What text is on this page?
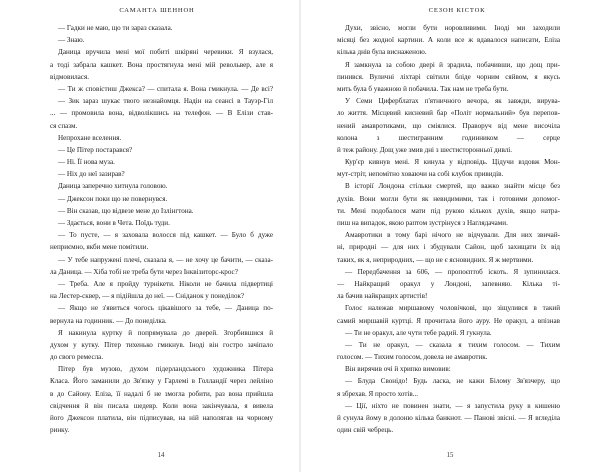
САМАНТА ШЕННОН
— Гадки не маю, що ти зараз сказала.
— Знаю.
Даница вручила мені мої побиті шкіряні черевики. Я взулася,
а тоді забрала кашкет. Вона простягнула мені мій револьвер, але я
відмовилася.
— Ти ж сповістиш Джекса? — спитала я. Вона гмикнула. — Де всі?
— Зик зараз шукає твого незнайомця. Надін на сеансі в Тауэр-Гіл
... — промовила вона, відволікшись на телефон. — В Елізи став-
ся спазм.
Непрохане вселення.
— Це Пітер постарався?
— Ні. Її нова муза.
— Ніх до неї зазирав?
Даница заперечно хитнула головою.
— Джексон поки що не повернувся.
— Він сказав, що відвезе мене до Ізлінгтона.
— Здається, вони в Чета. Поїдь туди.
— То пусте, — я заховала волосся під кашкет. — Було б дуже
неприємно, якби мене помітили.
— У тебе напружені плечі, сказала я, — не хочу це бачити, — сказа-
ла Даница. — Хіба тобі не треба бути через Інквізиторс-крос?
— Треба. Але я пройду турнікети. Ніколи не бачила підвертиці
на Лестер-сквер, — я підійшла до неї. — Сніданок у понеділок?
— Якщо не з'явиться чогось цікавішого за тебе, — Даница по-
вернула на годинник. — До понеділка.
Я накинула куртку й попрямувала до дверей. Згорбившися й
духом у кутку. Пітер тихенько гмикнув. Іноді він гостро зачіпало
до свого ремесла.
Пітер був музою, духом підерландського художника Пітера
Класа. Його заманили до Зв'язку у Гарлемі в Голландії через лейліно
в до Сайону. Еліза, її надалі б не змогла робити, раз вона прийшла
свідчення й він писала шедевр. Коли вона закінчувала, я вивела
його Джексон платила, він підписував, на ній наполягав на чорному
ринку.
14
СЕЗОН КІСТОК
Духи, звісно, могли бути норовливими. Іноді ми заходили
місяці без жодної картини. А коли все ж вдавалося написати, Еліза
кілька днів була виснаженою.
Я замкнула за собою двері й зрадила, побачивши, що дощ при-
пинився. Вуличні ліхтарі світили бліде чорним сяйвом, я якусь
мить була б уважною й побачила. Так нам не треба бути.
У Семи Циферблатах п'ятничного вечора, як завжди, вирува-
ло життя. Місцевий кисневий бар «Політ нормальний» був перепов-
нений амавротиками, що сміялися. Праворуч від мене височіла
колона з шестигранним годинником — серце
й теж району. Дощ уже змив дні з шестисторонньої дивлі.
Кур'єр кивнув мені. Я кинула у відповідь. Цідучи вздовж Мон-
мут-стріт, непомітно ховаючи на собі клубок привидів.
В історії Лондона стільки смертей, що важко знайти місце без
духів. Вони могли бути як невидимими, так і готовими допомог-
ти. Мені подобалося мати під рукою кількох духів, якщо натра-
пиш на випадок, якою раптом зустрінуся з Наглядачами.
Амавротики в тому барі нічого не відчували. Для них звичай-
ні, природні — для них і збудували Сайон, щоб захищати їх від
таких, як я, неприродних, — що не є ясновидних. Я ж мертвими.
— Передбачення за 606, — пропоєптоб іскоть. Я зупинилася.
— Найкращий оракул у Лондоні, запевняю. Кілька ті-
ла бачив найкращих артистів!
Голос належав миршавому чоловічкові, що зіщулився в такий
самий миршавій куртці. Я прочитала його ауру. Не оракул, а впізнав
— Ти не оракул, але чути тебе радий. Я гукнула.
— Ти не оракул, — сказала я тихим голосом. — Тихим
голосом. — Тихим голосом, довела не амавротик.
Він вирячив очі й хрипко вимовив:
— Блуда Свонідо! Будь ласка, не кажи Білому Зв'язчеру, що
я збрехав. Я просто хотів...
— Ції, ніхто не повинен знати, — я запустила руку в кишеню
й сунула йому в долоню кілька банкнот. — Панові звісні. — Я вгледіла
один свій чебрець.
15
